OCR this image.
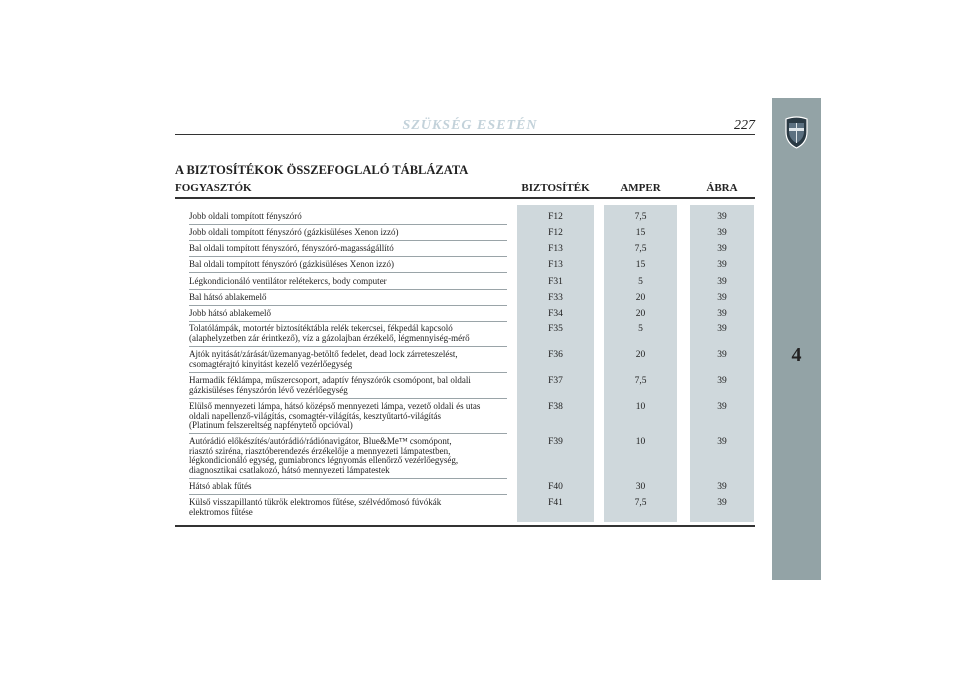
4
SZÜKSÉG ESETÉN	227
A BIZTOSÍTÉKOK ÖSSZEFOGLALÓ TÁBLÁZATA
FOGYASZTÓK	BIZTOSÍTÉK	AMPER	ÁBRA
Jobb oldali tompított fényszóró	F12	7,5	39
Jobb oldali tompított fényszóró (gázkisüléses Xenon izzó)	F12	15	39
Bal oldali tompított fényszóró, fényszóró-magasságállító	F13	7,5	39
Bal oldali tompított fényszóró (gázkisüléses Xenon izzó)	F13	15	39
Légkondicionáló ventilátor relétekercs, body computer	F31	5	39
Bal hátsó ablakemelő	F33	20	39
Jobb hátsó ablakemelő	F34	20	39
Tolatólámpák, motortér biztosítéktábla relék tekercsei, fékpedál kapcsoló
(alaphelyzetben zár érintkező), víz a gázolajban érzékelő, légmennyiség-mérő
F35	5	39
Ajtók nyitását/zárását/üzemanyag-betöltő fedelet, dead lock zárreteszelést,
csomagtérajtó kinyitást kezelő vezérlőegység
F36	20	39
Harmadik féklámpa, műszercsoport, adaptív fényszórók csomópont, bal oldali
gázkisüléses fényszórón lévő vezérlőegység
F37	7,5	39
Elülső mennyezeti lámpa, hátsó középső mennyezeti lámpa, vezető oldali és utas
oldali napellenző-világítás, csomagtér-világítás, kesztyűtartó-világítás
(Platinum felszereltség napfénytető opcióval)
F38	10	39
Autórádió előkészítés/autórádió/rádiónavigátor, Blue&Me™ csomópont,
riasztó sziréna, riasztóberendezés érzékelője a mennyezeti lámpatestben,
légkondicionáló egység, gumiabroncs légnyomás ellenőrző vezérlőegység,
diagnosztikai csatlakozó, hátsó mennyezeti lámpatestek
F39	10	39
Hátsó ablak fűtés	F40	30	39
Külső visszapillantó tükrök elektromos fűtése, szélvédőmosó fúvókák
elektromos fűtése
F41	7,5	39
